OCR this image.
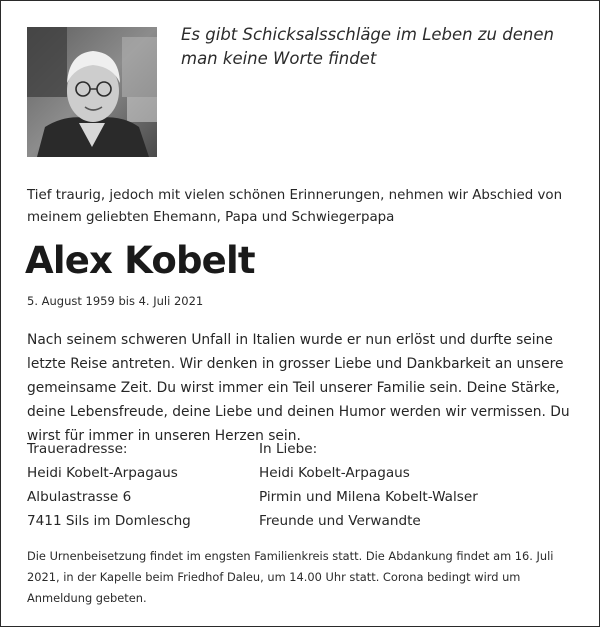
Es gibt Schicksalsschläge im Leben zu denen man keine Worte findet
Tief traurig, jedoch mit vielen schönen Erinnerungen, nehmen wir Abschied von meinem geliebten Ehemann, Papa und Schwiegerpapa
Alex Kobelt
5. August 1959 bis 4. Juli 2021
Nach seinem schweren Unfall in Italien wurde er nun erlöst und durfte seine letzte Reise antreten. Wir denken in grosser Liebe und Dankbarkeit an unsere gemeinsame Zeit. Du wirst immer ein Teil unserer Familie sein. Deine Stärke, deine Lebensfreude, deine Liebe und deinen Humor werden wir vermissen. Du wirst für immer in unseren Herzen sein.
Traueradresse:
Heidi Kobelt-Arpagaus
Albulastrasse 6
7411 Sils im Domleschg
In Liebe:
Heidi Kobelt-Arpagaus
Pirmin und Milena Kobelt-Walser
Freunde und Verwandte
Die Urnenbeisetzung findet im engsten Familienkreis statt. Die Abdankung findet am 16. Juli 2021, in der Kapelle beim Friedhof Daleu, um 14.00 Uhr statt. Corona bedingt wird um Anmeldung gebeten.
